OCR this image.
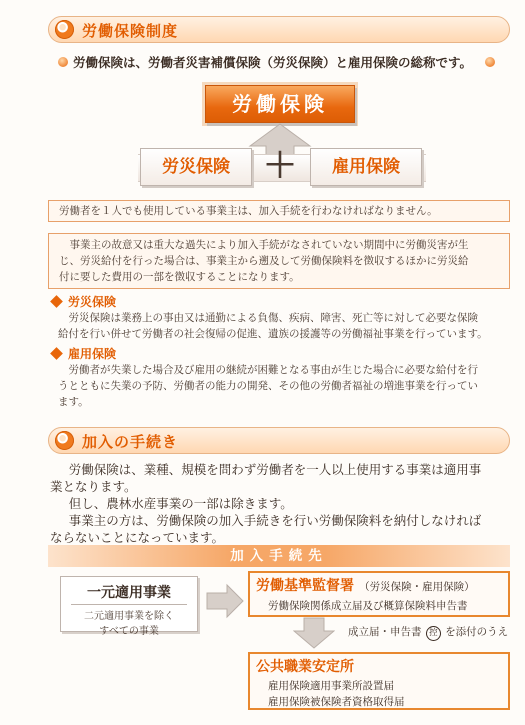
労働保険制度
労働保険は、労働者災害補償保険（労災保険）と雇用保険の総称です。
労働保険
労災保険 ＋	雇用保険
労働者を１人でも使用している事業主は、加入手続を行わなければなりません。
事業主の故意又は重大な過失により加入手続がなされていない期間中に労働災害が生
じ、労災給付を行った場合は、事業主から遡及して労働保険料を徴収するほかに労災給
付に要した費用の一部を徴収することになります。
労災保険
労災保険は業務上の事由又は通勤による負傷、疾病、障害、死亡等に対して必要な保険
給付を行い併せて労働者の社会復帰の促進、遺族の援護等の労働福祉事業を行っています。
雇用保険
労働者が失業した場合及び雇用の継続が困難となる事由が生じた場合に必要な給付を行
うとともに失業の予防、労働者の能力の開発、その他の労働者福祉の増進事業を行ってい
ます。
加入の手続き
労働保険は、業種、規模を問わず労働者を一人以上使用する事業は適用事
業となります。
但し、農林水産事業の一部は除きます。
事業主の方は、労働保険の加入手続きを行い労働保険料を納付しなければ
ならないことになっています。
加入手続先
一元適用事業
二元適用事業を除く
すべての事業
労働基準監督署 （労災保険・雇用保険）
労働保険関係成立届及び概算保険料申告書
成立届・申告書 控 を添付のうえ
公共職業安定所
雇用保険適用事業所設置届
雇用保険被保険者資格取得届
